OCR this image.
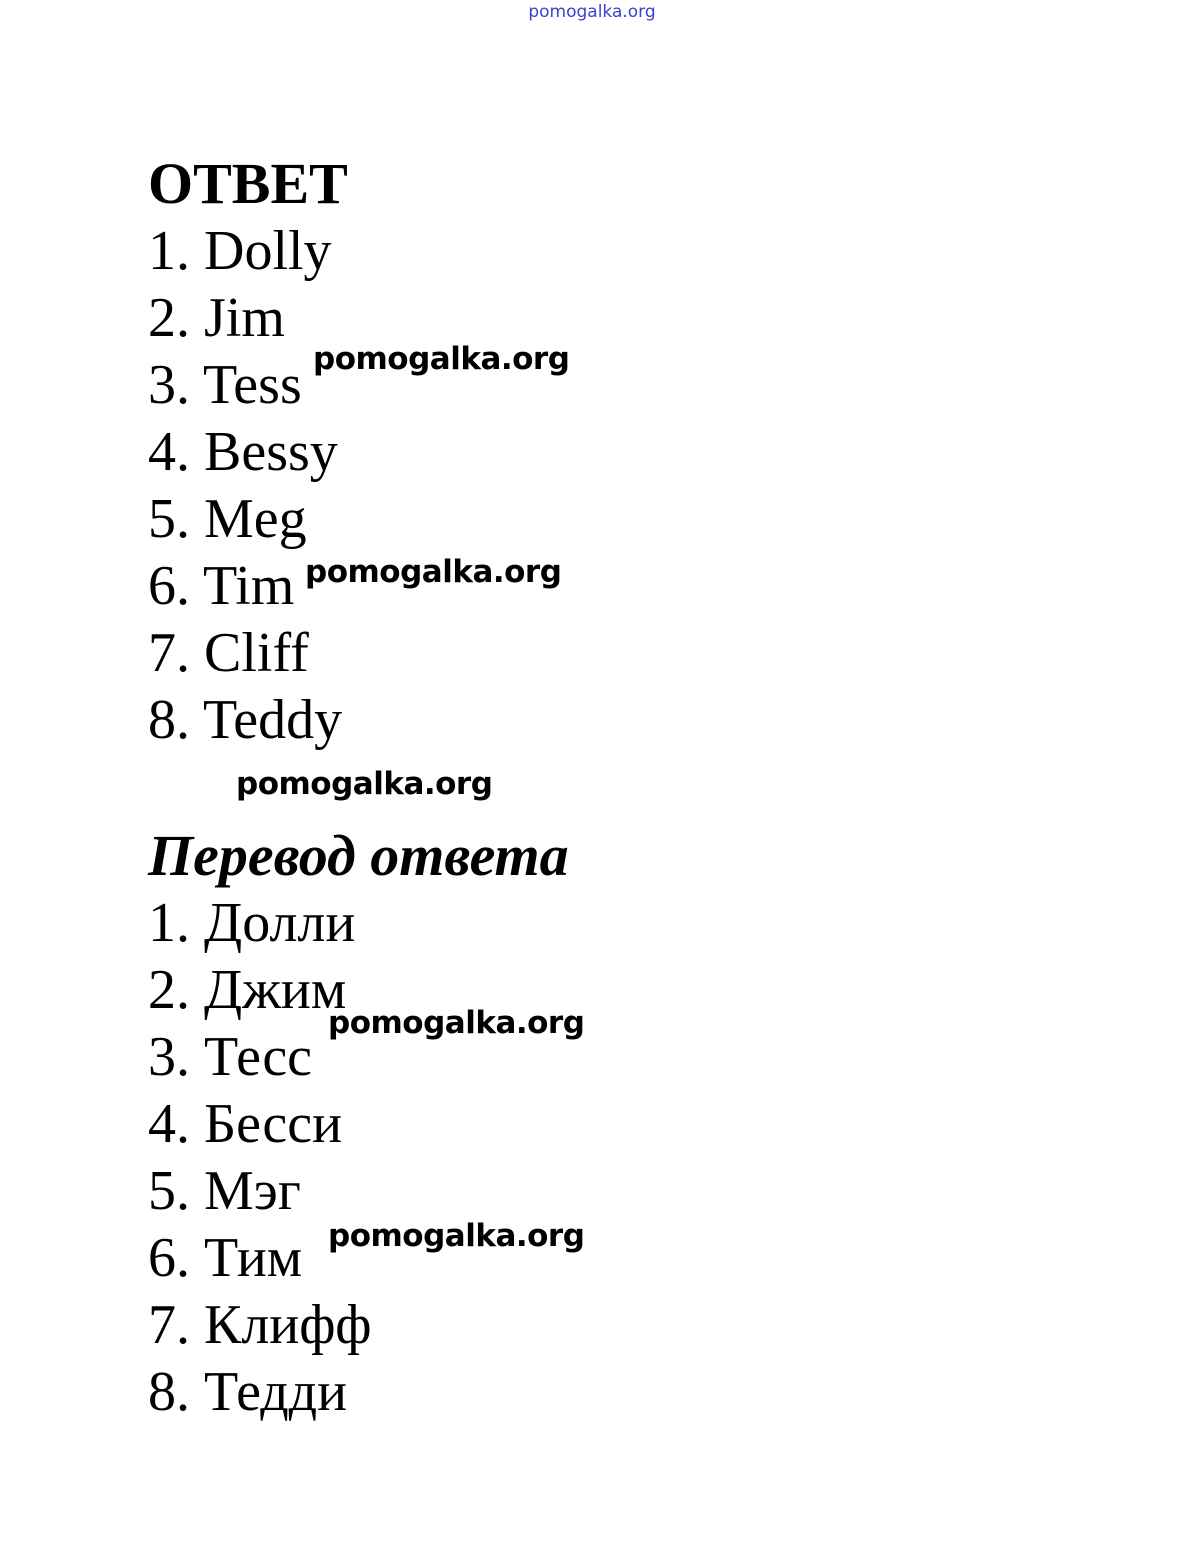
pomogalka.org
ОТВЕТ
1. Dolly
2. Jim
3. Tess
4. Bessy
5. Meg
6. Tim
7. Cliff
8. Teddy
Перевод ответа
1. Долли
2. Джим
3. Тесс
4. Бесси
5. Мэг
6. Тим
7. Клифф
8. Тедди
pomogalka.org
pomogalka.org
pomogalka.org
pomogalka.org
pomogalka.org
